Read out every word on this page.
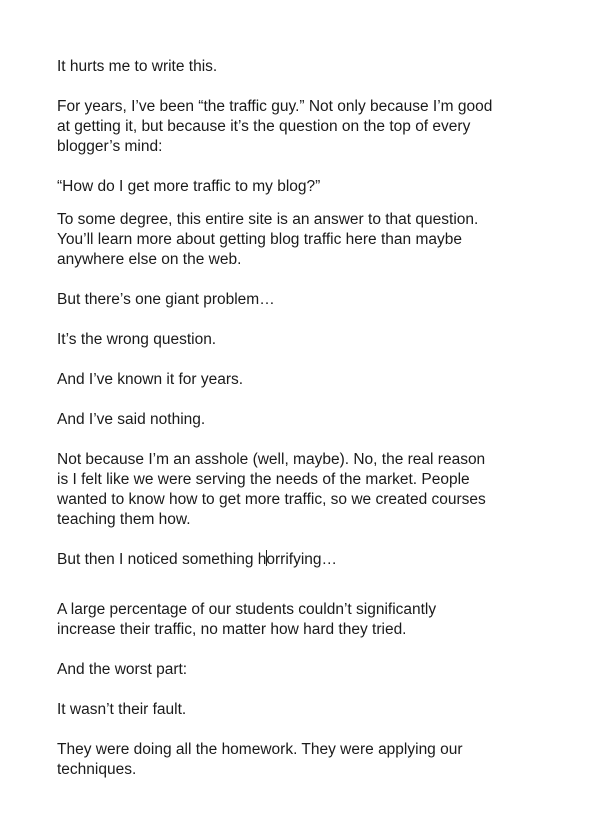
It hurts me to write this.

For years, I’ve been “the traffic guy.” Not only because I’m good
at getting it, but because it’s the question on the top of every
blogger’s mind:

“How do I get more traffic to my blog?”

To some degree, this entire site is an answer to that question.
You’ll learn more about getting blog traffic here than maybe
anywhere else on the web.

But there’s one giant problem…

It’s the wrong question.

And I’ve known it for years.

And I’ve said nothing.

Not because I’m an asshole (well, maybe). No, the real reason
is I felt like we were serving the needs of the market. People
wanted to know how to get more traffic, so we created courses
teaching them how.

But then I noticed something horrifying…

A large percentage of our students couldn’t significantly
increase their traffic, no matter how hard they tried.

And the worst part:

It wasn’t their fault.

They were doing all the homework. They were applying our
techniques.
